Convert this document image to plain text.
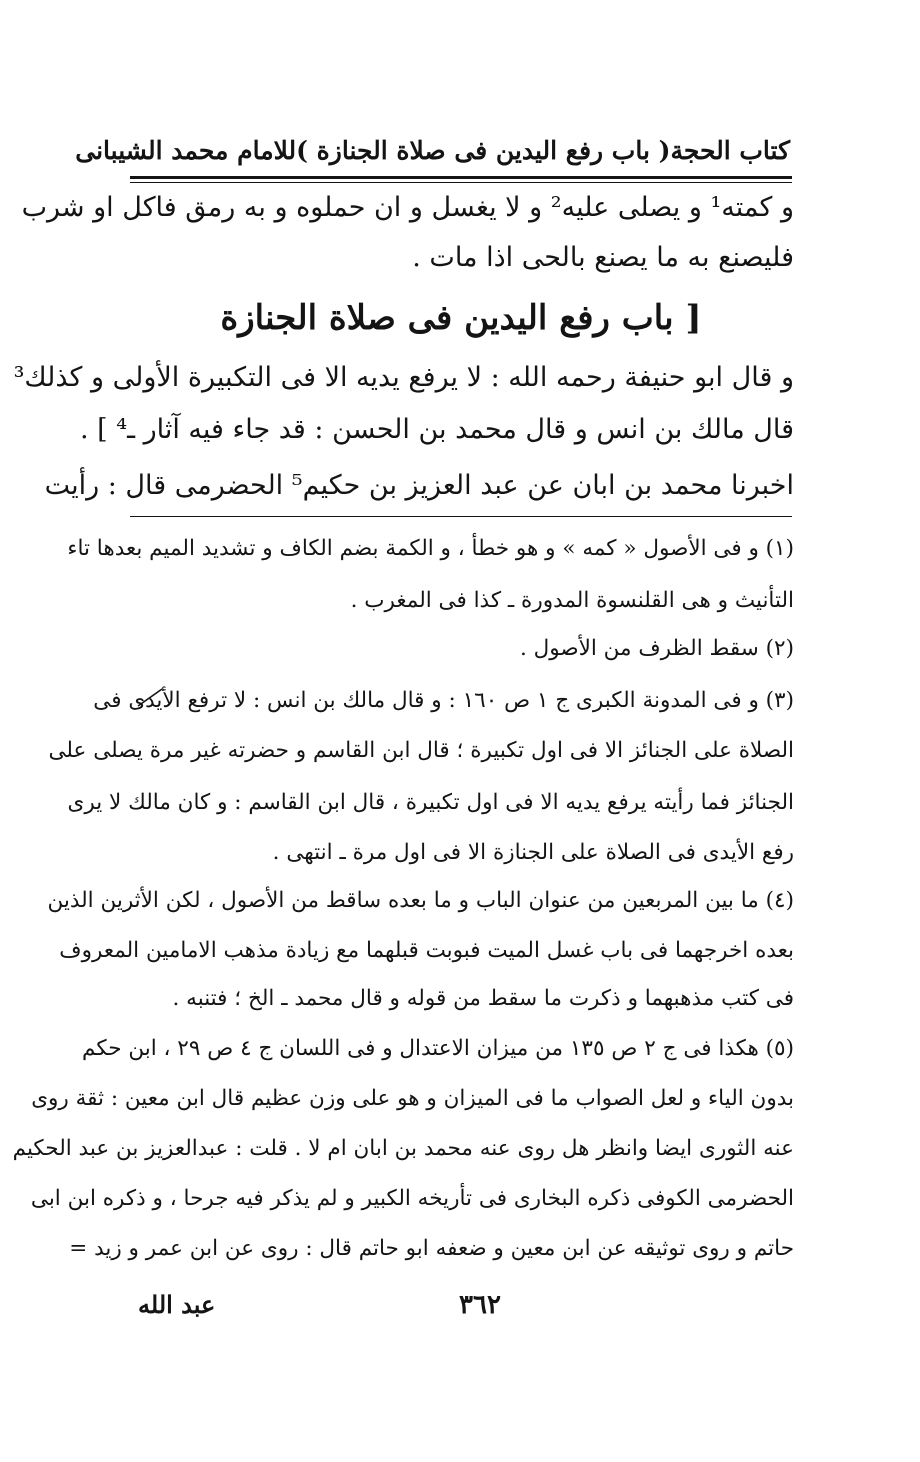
كتاب الحجة
( باب رفع اليدين فى صلاة الجنازة )
للامام محمد الشيبانى
و كمته¹ و يصلى عليه² و لا يغسل و ان حملوه و به رمق فاكل او شرب
فليصنع به ما يصنع بالحى اذا مات .
[ باب رفع اليدين فى صلاة الجنازة
و قال ابو حنيفة رحمه الله : لا يرفع يديه الا فى التكبيرة الأولى و كذلك³
قال مالك بن انس و قال محمد بن الحسن : قد جاء فيه آثار ـ⁴ ] .
اخبرنا محمد بن ابان عن عبد العزيز بن حكيم⁵ الحضرمى قال : رأيت
(١) و فى الأصول « كمه » و هو خطأ ، و الكمة بضم الكاف و تشديد الميم بعدها تاء
التأنيث و هى القلنسوة المدورة ـ كذا فى المغرب .
(٢) سقط الظرف من الأصول .
(٣) و فى المدونة الكبرى ج ١ ص ١٦٠ : و قال مالك بن انس : لا ترفع الأيدى فى
الصلاة على الجنائز الا فى اول تكبيرة ؛ قال ابن القاسم و حضرته غير مرة يصلى على
الجنائز فما رأيته يرفع يديه الا فى اول تكبيرة ، قال ابن القاسم : و كان مالك لا يرى
رفع الأيدى فى الصلاة على الجنازة الا فى اول مرة ـ انتهى .
(٤) ما بين المربعين من عنوان الباب و ما بعده ساقط من الأصول ، لكن الأثرين الذين
بعده اخرجهما فى باب غسل الميت فبوبت قبلهما مع زيادة مذهب الامامين المعروف
فى كتب مذهبهما و ذكرت ما سقط من قوله و قال محمد ـ الخ ؛ فتنبه .
(٥) هكذا فى ج ٢ ص ١٣٥ من ميزان الاعتدال و فى اللسان ج ٤ ص ٢٩ ، ابن حكم
بدون الياء و لعل الصواب ما فى الميزان و هو على وزن عظيم قال ابن معين : ثقة روى
عنه الثورى ايضا وانظر هل روى عنه محمد بن ابان ام لا . قلت : عبدالعزيز بن عبد الحكيم
الحضرمى الكوفى ذكره البخارى فى تأريخه الكبير و لم يذكر فيه جرحا ، و ذكره ابن ابى
حاتم و روى توثيقه عن ابن معين و ضعفه ابو حاتم قال : روى عن ابن عمر و زيد =
٣٦٢
عبد الله
